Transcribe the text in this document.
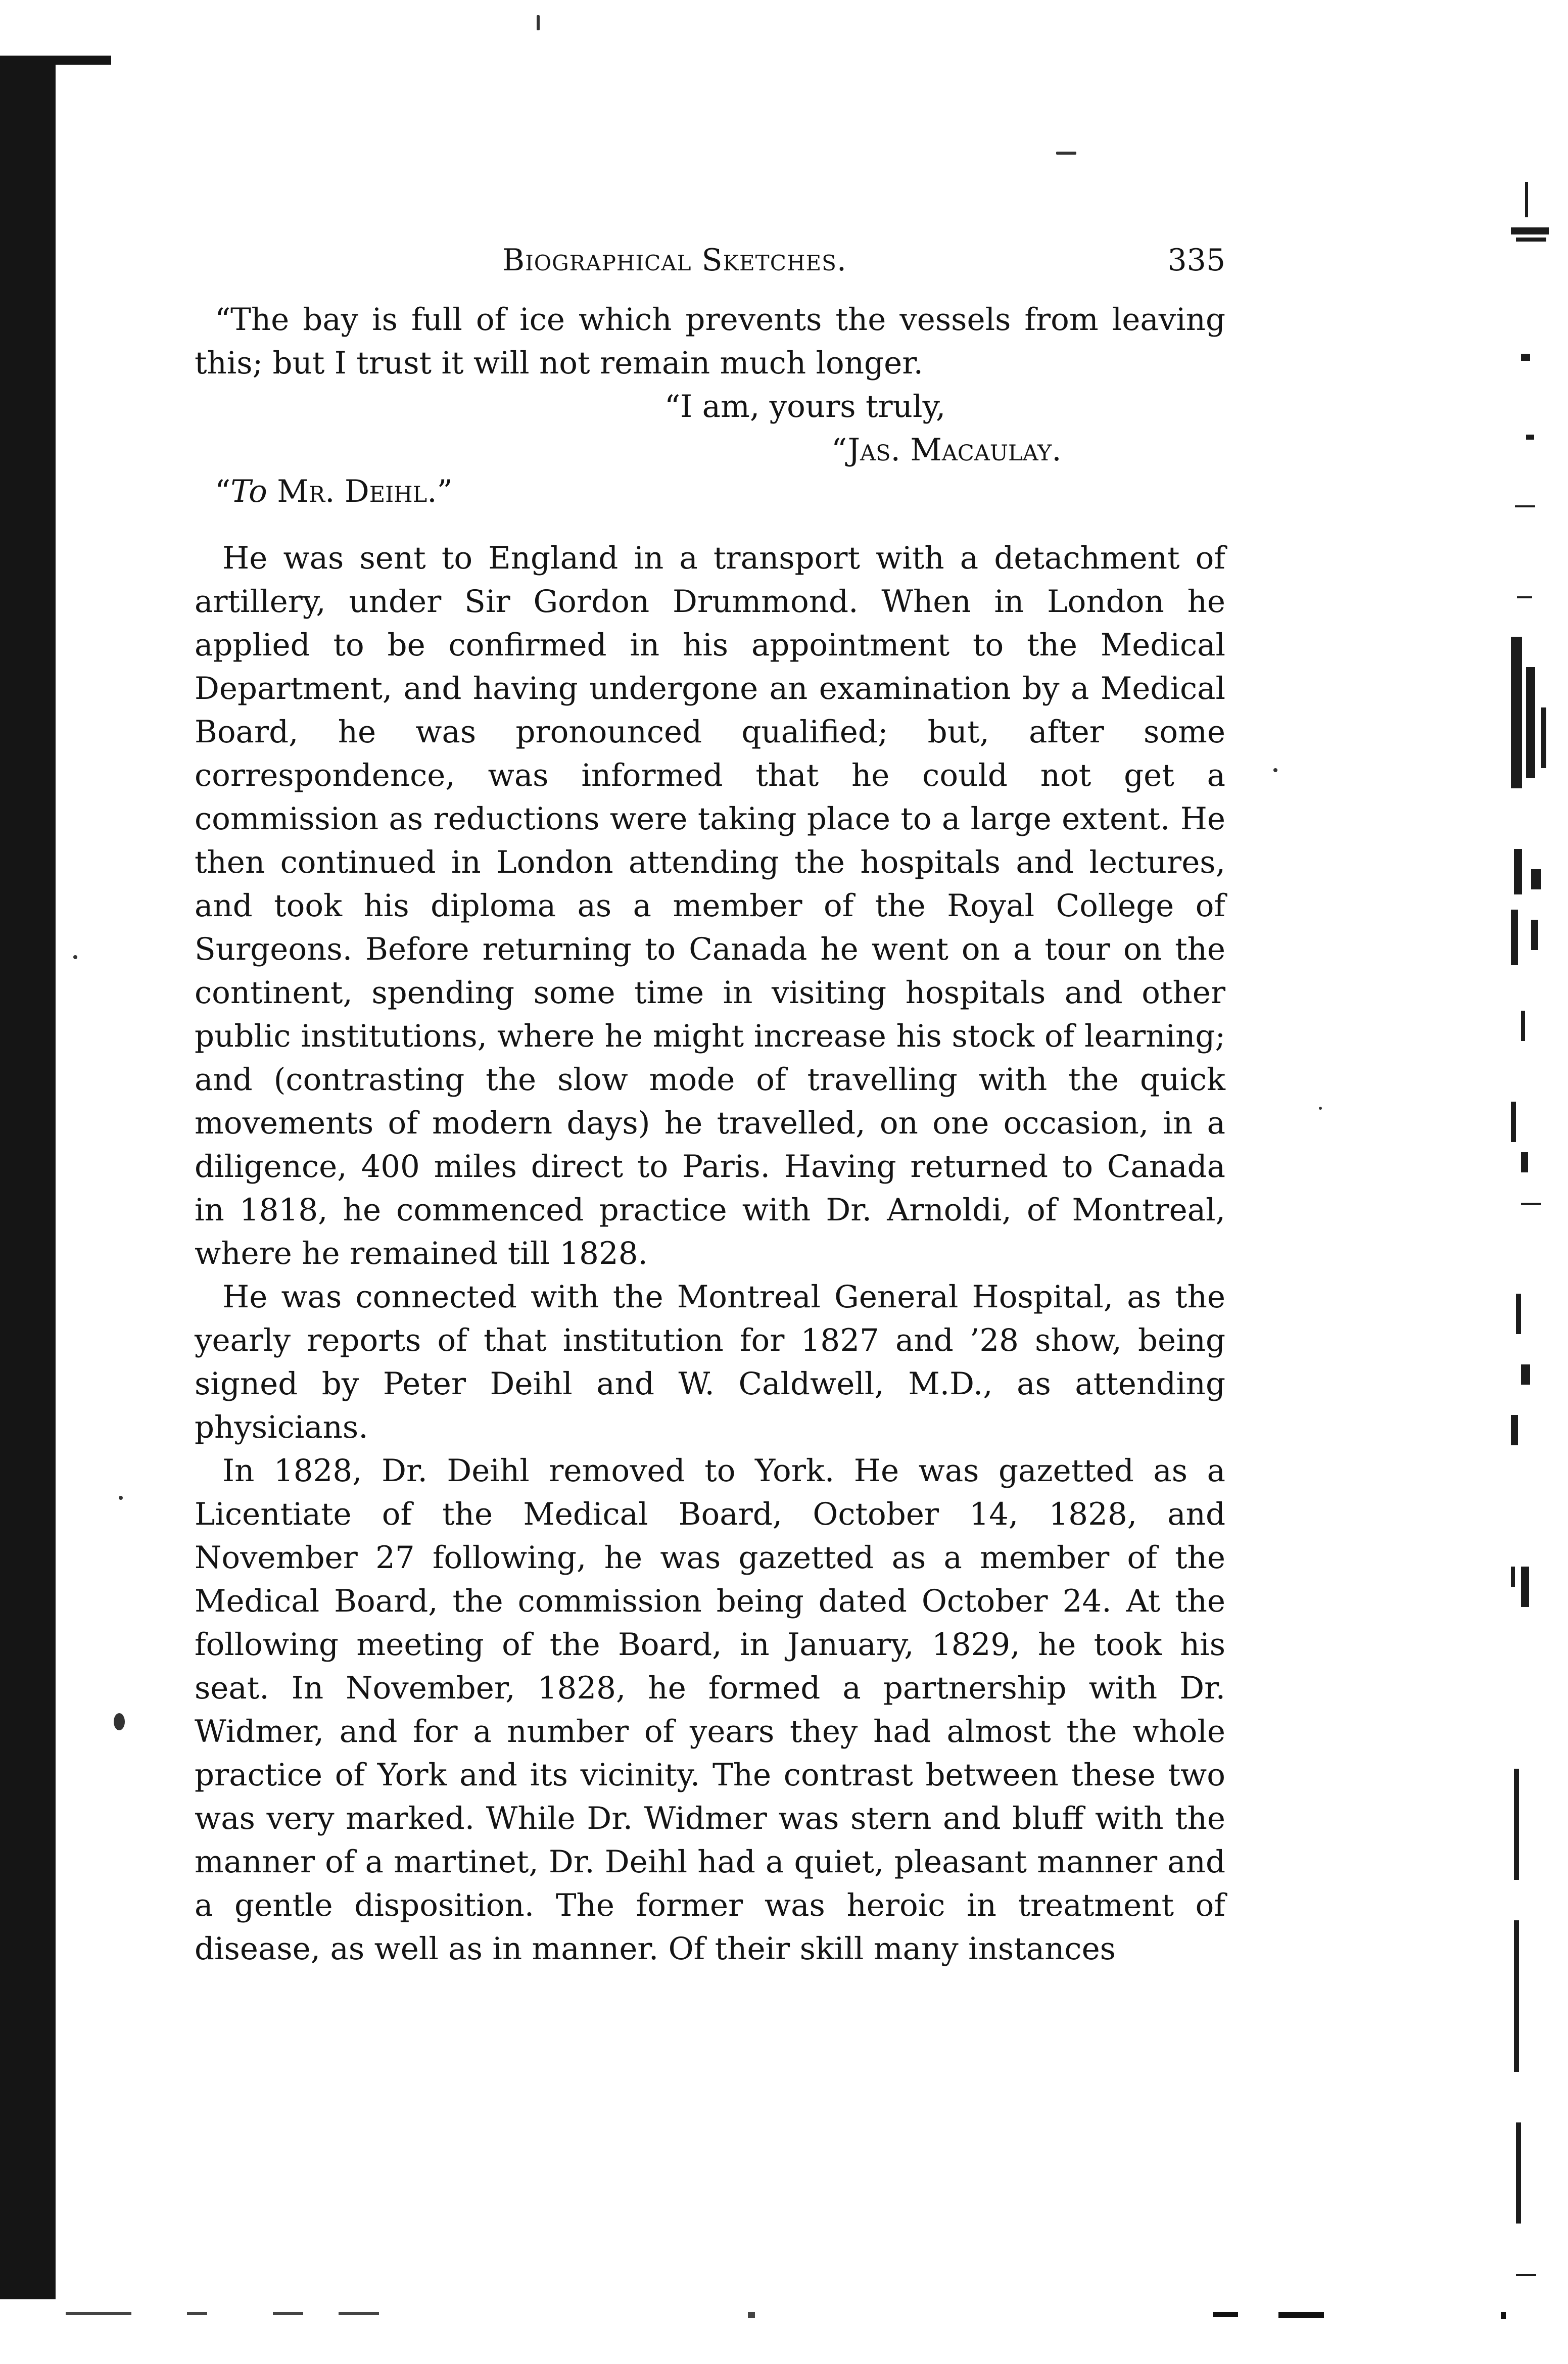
Biographical Sketches.	335

“The bay is full of ice which prevents the vessels from leaving this; but I trust it will not remain much longer.

“I am, yours truly,

“Jas. Macaulay.

“To Mr. Deihl.”

He was sent to England in a transport with a detachment of artillery, under Sir Gordon Drummond. When in London he applied to be confirmed in his appointment to the Medical Department, and having undergone an examination by a Medical Board, he was pronounced qualified; but, after some correspondence, was informed that he could not get a commission as reductions were taking place to a large extent. He then continued in London attending the hospitals and lectures, and took his diploma as a member of the Royal College of Surgeons. Before returning to Canada he went on a tour on the continent, spending some time in visiting hospitals and other public institutions, where he might increase his stock of learning; and (contrasting the slow mode of travelling with the quick movements of modern days) he travelled, on one occasion, in a diligence, 400 miles direct to Paris. Having returned to Canada in 1818, he commenced practice with Dr. Arnoldi, of Montreal, where he remained till 1828.

He was connected with the Montreal General Hospital, as the yearly reports of that institution for 1827 and ’28 show, being signed by Peter Deihl and W. Caldwell, M.D., as attending physicians.

In 1828, Dr. Deihl removed to York. He was gazetted as a Licentiate of the Medical Board, October 14, 1828, and November 27 following, he was gazetted as a member of the Medical Board, the commission being dated October 24. At the following meeting of the Board, in January, 1829, he took his seat. In November, 1828, he formed a partnership with Dr. Widmer, and for a number of years they had almost the whole practice of York and its vicinity. The contrast between these two was very marked. While Dr. Widmer was stern and bluff with the manner of a martinet, Dr. Deihl had a quiet, pleasant manner and a gentle disposition. The former was heroic in treatment of disease, as well as in manner. Of their skill many instances
